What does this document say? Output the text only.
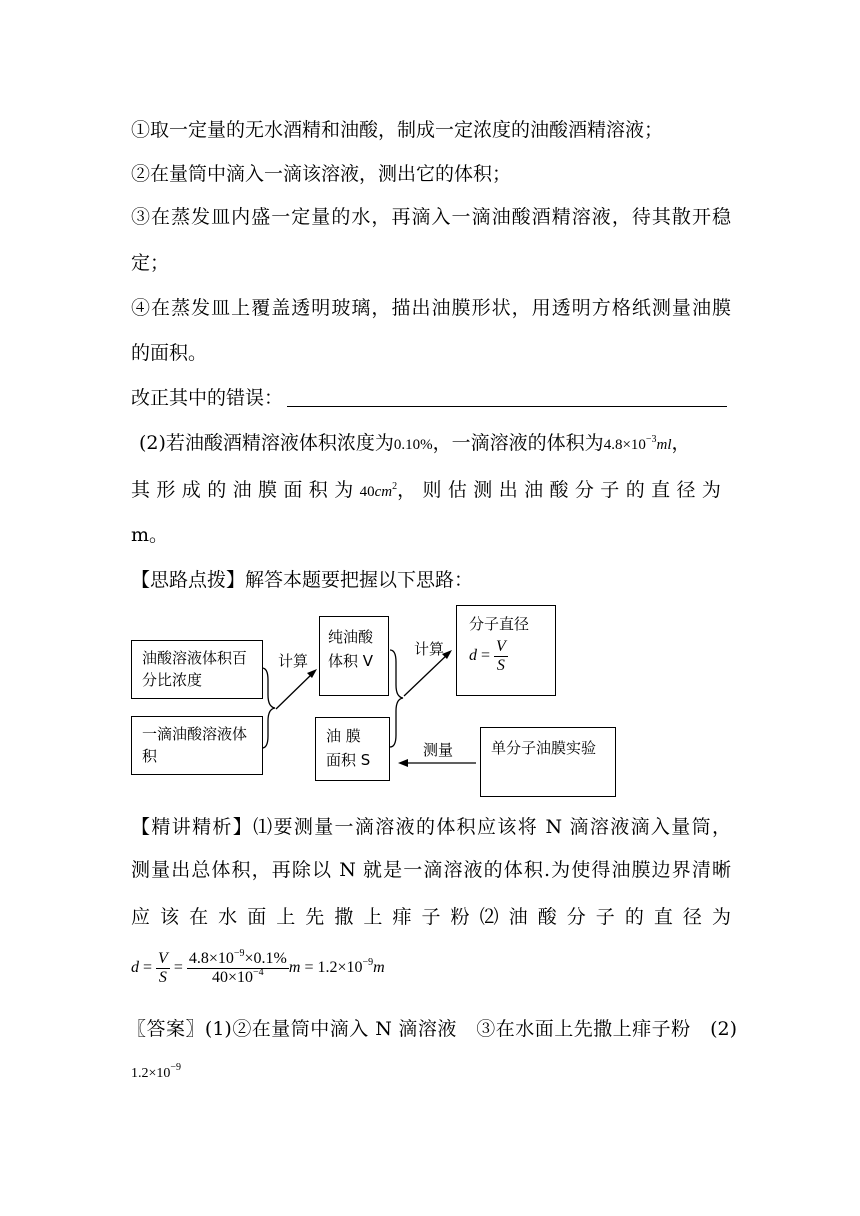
①取一定量的无水酒精和油酸，制成一定浓度的油酸酒精溶液；
②在量筒中滴入一滴该溶液，测出它的体积；
③在蒸发皿内盛一定量的水，再滴入一滴油酸酒精溶液，待其散开稳
定；
④在蒸发皿上覆盖透明玻璃，描出油膜形状，用透明方格纸测量油膜
的面积。
改正其中的错误：
(2)若油酸酒精溶液体积浓度为0.10%，一滴溶液的体积为$4.8\times 10^{-3}ml$，
其形成的油膜面积为$40cm^2$，则估测出油酸分子的直径为
m。
【思路点拨】解答本题要把握以下思路：
油酸溶液体积百分比浓度
一滴油酸溶液体积
纯油酸体积 V
油 膜 面积 S
分子直径
$d = \frac{V}{S}$
单分子油膜实验
计算
计算
测量
【精讲精析】⑴要测量一滴溶液的体积应该将 N 滴溶液滴入量筒，
测量出总体积，再除以 N 就是一滴溶液的体积.为使得油膜边界清晰
应该在水面上先撒上痱子粉⑵油酸分子的直径为
$d = \frac{V}{S} = \frac{4.8\times 10^{-9}\times 0.1\%}{40\times 10^{-4}}$ $m = 1.2\times 10^{-9}m$
〖答案〗(1)②在量筒中滴入 N 滴溶液　③在水面上先撒上痱子粉　(2)
$1.2\times 10^{-9}$
